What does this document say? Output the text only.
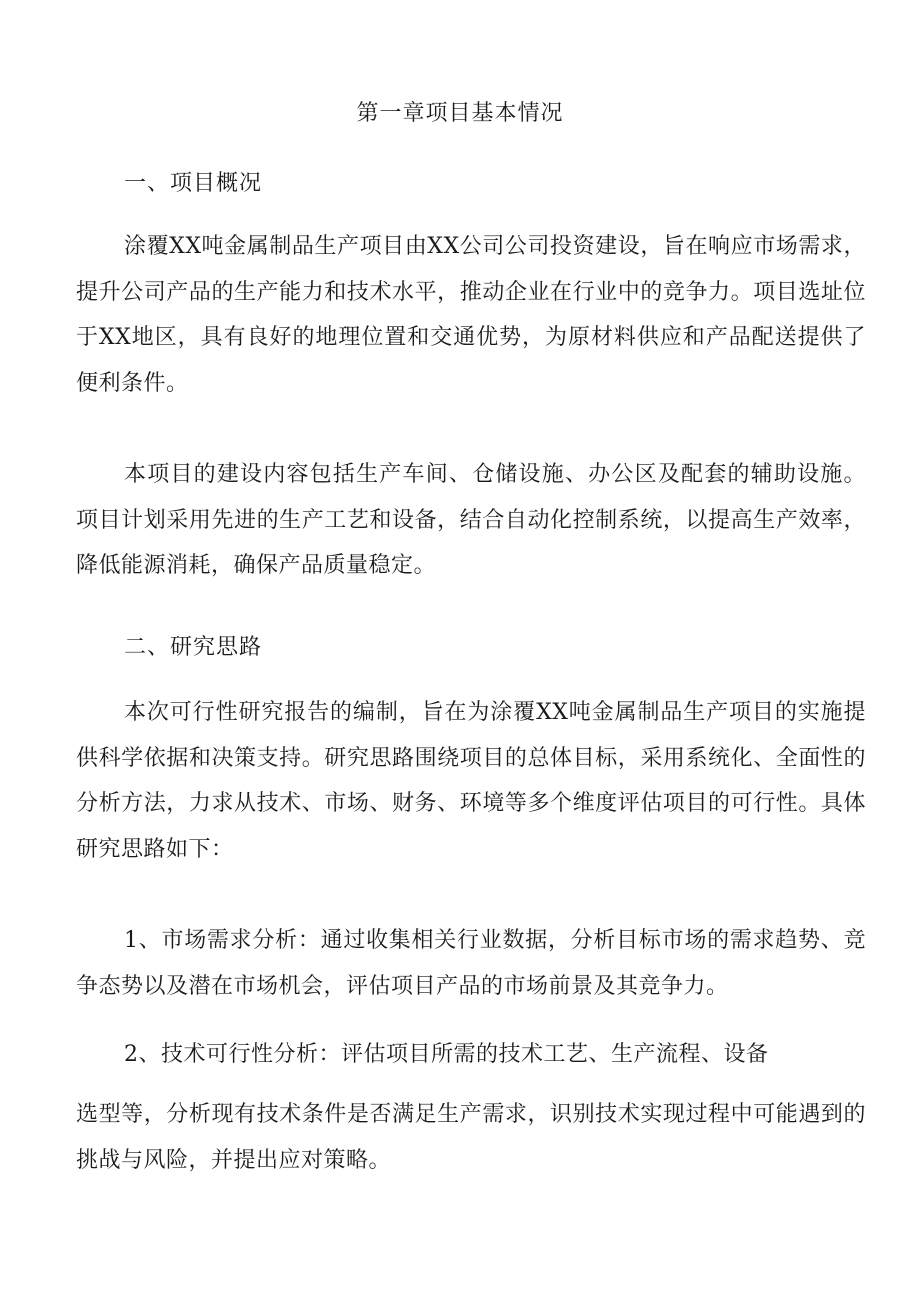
第一章项目基本情况
一、项目概况

涂覆XX吨金属制品生产项目由XX公司公司投资建设，旨在响应市场需求，提升公司产品的生产能力和技术水平，推动企业在行业中的竞争力。项目选址位于XX地区，具有良好的地理位置和交通优势，为原材料供应和产品配送提供了便利条件。

本项目的建设内容包括生产车间、仓储设施、办公区及配套的辅助设施。项目计划采用先进的生产工艺和设备，结合自动化控制系统，以提高生产效率，降低能源消耗，确保产品质量稳定。

二、研究思路

本次可行性研究报告的编制，旨在为涂覆XX吨金属制品生产项目的实施提供科学依据和决策支持。研究思路围绕项目的总体目标，采用系统化、全面性的分析方法，力求从技术、市场、财务、环境等多个维度评估项目的可行性。具体研究思路如下：

1、市场需求分析：通过收集相关行业数据，分析目标市场的需求趋势、竞争态势以及潜在市场机会，评估项目产品的市场前景及其竞争力。

2、技术可行性分析：评估项目所需的技术工艺、生产流程、设备

选型等，分析现有技术条件是否满足生产需求，识别技术实现过程中可能遇到的挑战与风险，并提出应对策略。
